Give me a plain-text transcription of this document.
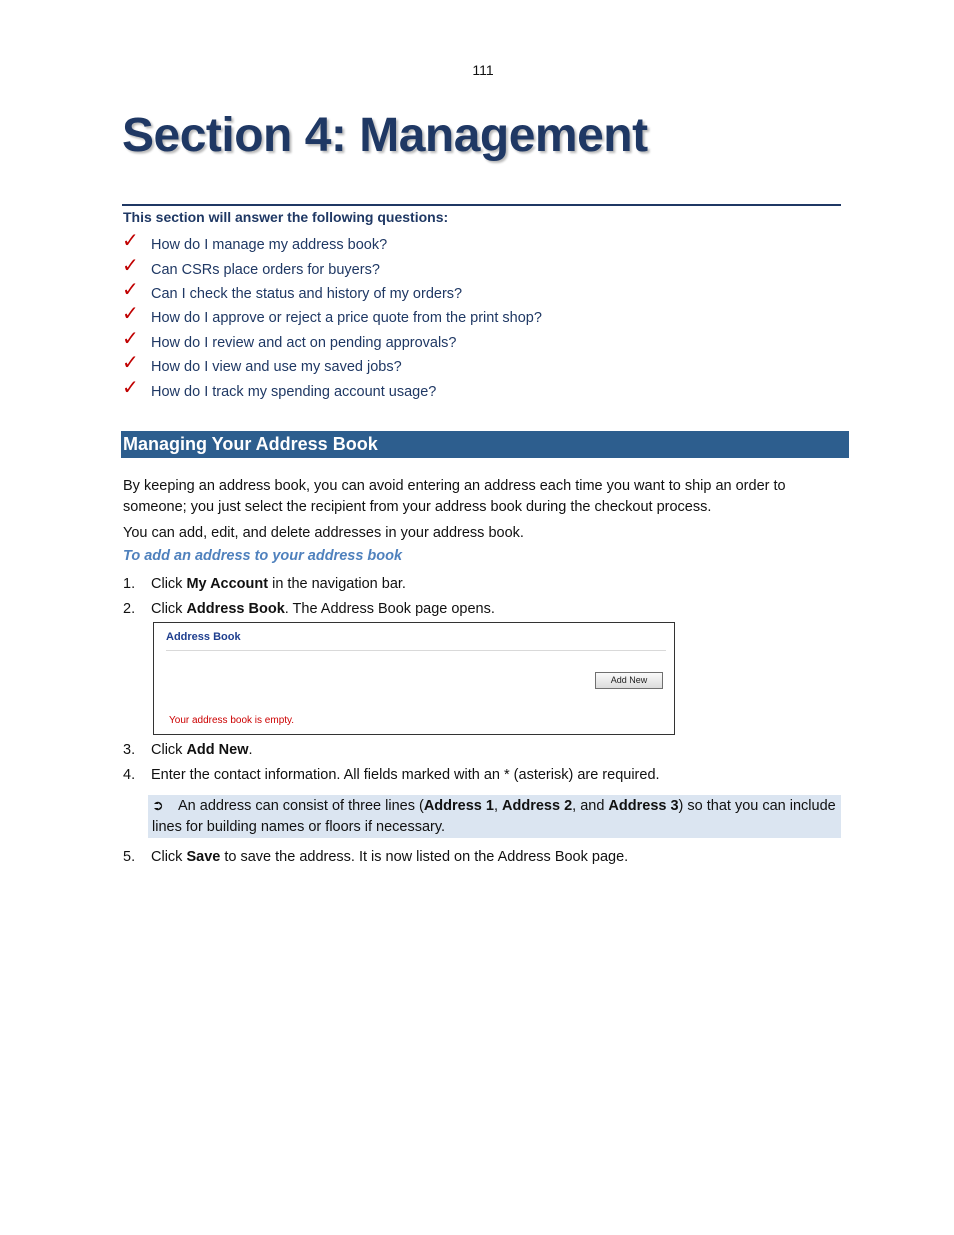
111
Section 4: Management
This section will answer the following questions:
✓ How do I manage my address book?
✓ Can CSRs place orders for buyers?
✓ Can I check the status and history of my orders?
✓ How do I approve or reject a price quote from the print shop?
✓ How do I review and act on pending approvals?
✓ How do I view and use my saved jobs?
✓ How do I track my spending account usage?
Managing Your Address Book
By keeping an address book, you can avoid entering an address each time you want to ship an order to someone; you just select the recipient from your address book during the checkout process.
You can add, edit, and delete addresses in your address book.
To add an address to your address book
1. Click My Account in the navigation bar.
2. Click Address Book. The Address Book page opens.
Address Book
Add New
Your address book is empty.
3. Click Add New.
4. Enter the contact information. All fields marked with an * (asterisk) are required.
➲ An address can consist of three lines (Address 1, Address 2, and Address 3) so that you can include lines for building names or floors if necessary.
5. Click Save to save the address. It is now listed on the Address Book page.
